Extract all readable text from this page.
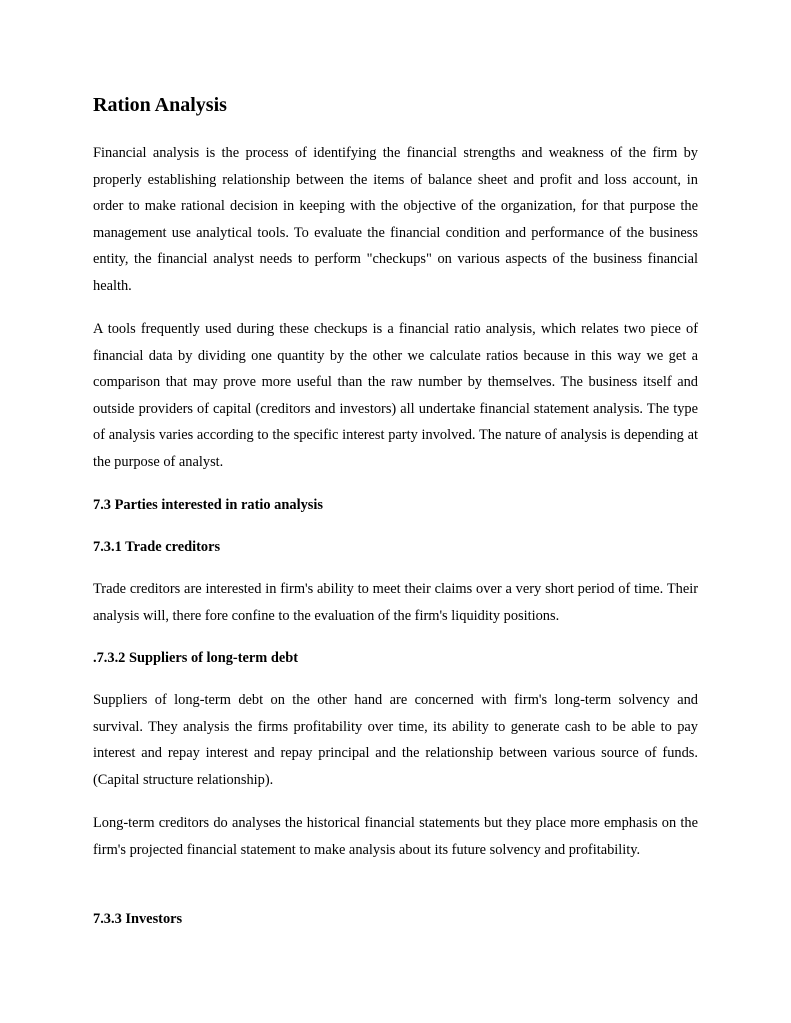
Ration Analysis

Financial analysis is the process of identifying the financial strengths and weakness of the firm by properly establishing relationship between the items of balance sheet and profit and loss account, in order to make rational decision in keeping with the objective of the organization, for that purpose the management use analytical tools. To evaluate the financial condition and performance of the business entity, the financial analyst needs to perform "checkups" on various aspects of the business financial health.

A tools frequently used during these checkups is a financial ratio analysis, which relates two piece of financial data by dividing one quantity by the other we calculate ratios because in this way we get a comparison that may prove more useful than the raw number by themselves. The business itself and outside providers of capital (creditors and investors) all undertake financial statement analysis. The type of analysis varies according to the specific interest party involved. The nature of analysis is depending at the purpose of analyst.

7.3 Parties interested in ratio analysis
7.3.1 Trade creditors

Trade creditors are interested in firm's ability to meet their claims over a very short period of time. Their analysis will, there fore confine to the evaluation of the firm's liquidity positions.

.7.3.2 Suppliers of long-term debt

Suppliers of long-term debt on the other hand are concerned with firm's long-term solvency and survival. They analysis the firms profitability over time, its ability to generate cash to be able to pay interest and repay interest and repay principal and the relationship between various source of funds. (Capital structure relationship).

Long-term creditors do analyses the historical financial statements but they place more emphasis on the firm's projected financial statement to make analysis about its future solvency and profitability.

7.3.3 Investors
